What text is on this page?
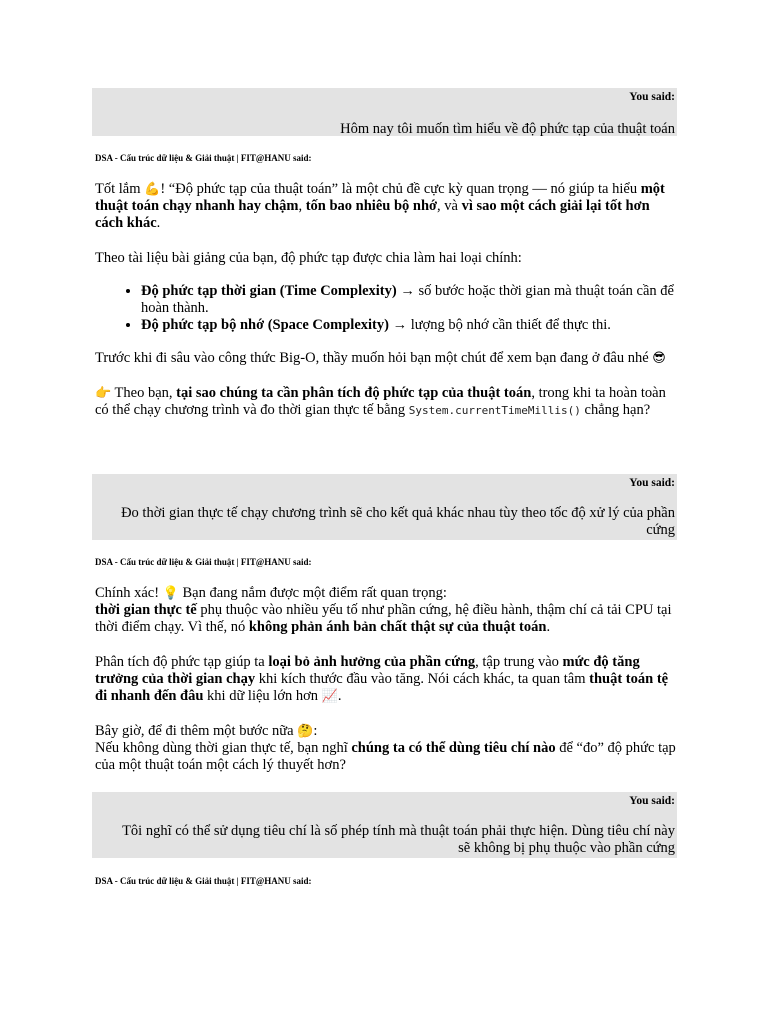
You said:
Hôm nay tôi muốn tìm hiểu về độ phức tạp của thuật toán
DSA - Cấu trúc dữ liệu & Giải thuật | FIT@HANU said:

Tốt lắm 💪! “Độ phức tạp của thuật toán” là một chủ đề cực kỳ quan trọng — nó giúp ta hiểu một thuật toán chạy nhanh hay chậm, tốn bao nhiêu bộ nhớ, và vì sao một cách giải lại tốt hơn cách khác.

Theo tài liệu bài giảng của bạn, độ phức tạp được chia làm hai loại chính:

• Độ phức tạp thời gian (Time Complexity) → số bước hoặc thời gian mà thuật toán cần để hoàn thành.
• Độ phức tạp bộ nhớ (Space Complexity) → lượng bộ nhớ cần thiết để thực thi.

Trước khi đi sâu vào công thức Big-O, thầy muốn hỏi bạn một chút để xem bạn đang ở đâu nhé 😎

👉 Theo bạn, tại sao chúng ta cần phân tích độ phức tạp của thuật toán, trong khi ta hoàn toàn có thể chạy chương trình và đo thời gian thực tế bằng System.currentTimeMillis() chẳng hạn?

You said:
Đo thời gian thực tế chạy chương trình sẽ cho kết quả khác nhau tùy theo tốc độ xử lý của phần cứng
DSA - Cấu trúc dữ liệu & Giải thuật | FIT@HANU said:

Chính xác! 💡 Bạn đang nắm được một điểm rất quan trọng:
thời gian thực tế phụ thuộc vào nhiều yếu tố như phần cứng, hệ điều hành, thậm chí cả tải CPU tại thời điểm chạy. Vì thế, nó không phản ánh bản chất thật sự của thuật toán.

Phân tích độ phức tạp giúp ta loại bỏ ảnh hưởng của phần cứng, tập trung vào mức độ tăng trưởng của thời gian chạy khi kích thước đầu vào tăng. Nói cách khác, ta quan tâm thuật toán tệ đi nhanh đến đâu khi dữ liệu lớn hơn 📈.

Bây giờ, để đi thêm một bước nữa 🤔:
Nếu không dùng thời gian thực tế, bạn nghĩ chúng ta có thể dùng tiêu chí nào để “đo” độ phức tạp của một thuật toán một cách lý thuyết hơn?

You said:
Tôi nghĩ có thể sử dụng tiêu chí là số phép tính mà thuật toán phải thực hiện. Dùng tiêu chí này sẽ không bị phụ thuộc vào phần cứng
DSA - Cấu trúc dữ liệu & Giải thuật | FIT@HANU said:
